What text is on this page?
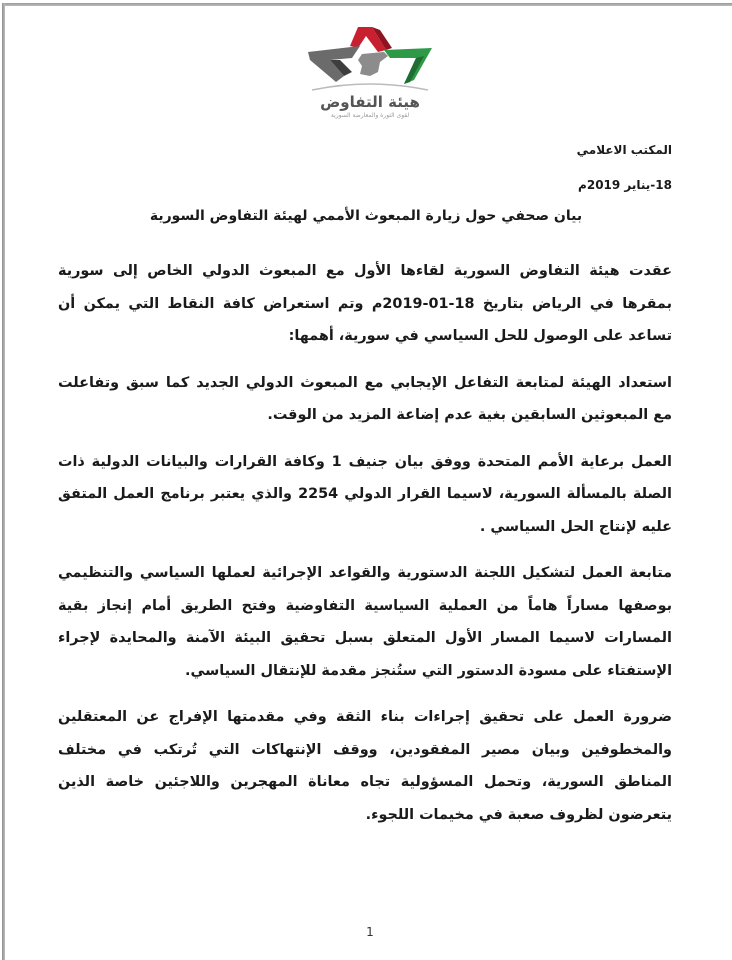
هيئة التفاوض
لقوى الثورة والمعارضة السورية
المكتب الاعلامي
18-يناير 2019م
بيان صحفي حول زيارة المبعوث الأممي لهيئة التفاوض السورية

عقدت هيئة التفاوض السورية لقاءها الأول مع المبعوث الدولي الخاص إلى سورية بمقرها في الرياض بتاريخ 18-01-2019م وتم استعراض كافة النقاط التي يمكن أن تساعد على الوصول للحل السياسي في سورية، أهمها:

استعداد الهيئة لمتابعة التفاعل الإيجابي مع المبعوث الدولي الجديد كما سبق وتفاعلت مع المبعوثين السابقين بغية عدم إضاعة المزيد من الوقت.

العمل برعاية الأمم المتحدة ووفق بيان جنيف 1 وكافة القرارات والبيانات الدولية ذات الصلة بالمسألة السورية، لاسيما القرار الدولي 2254 والذي يعتبر برنامج العمل المتفق عليه لإنتاج الحل السياسي .

متابعة العمل لتشكيل اللجنة الدستورية والقواعد الإجرائية لعملها السياسي والتنظيمي بوصفها مساراً هاماً من العملية السياسية التفاوضية وفتح الطريق أمام إنجاز بقية المسارات لاسيما المسار الأول المتعلق بسبل تحقيق البيئة الآمنة والمحايدة لإجراء الإستفتاء على مسودة الدستور التي ستُنجز مقدمة للإنتقال السياسي.

ضرورة العمل على تحقيق إجراءات بناء الثقة وفي مقدمتها الإفراج عن المعتقلين والمخطوفين وبيان مصير المفقودين، ووقف الإنتهاكات التي تُرتكب في مختلف المناطق السورية، وتحمل المسؤولية تجاه معاناة المهجرين واللاجئين خاصة الذين يتعرضون لظروف صعبة في مخيمات اللجوء.

1
